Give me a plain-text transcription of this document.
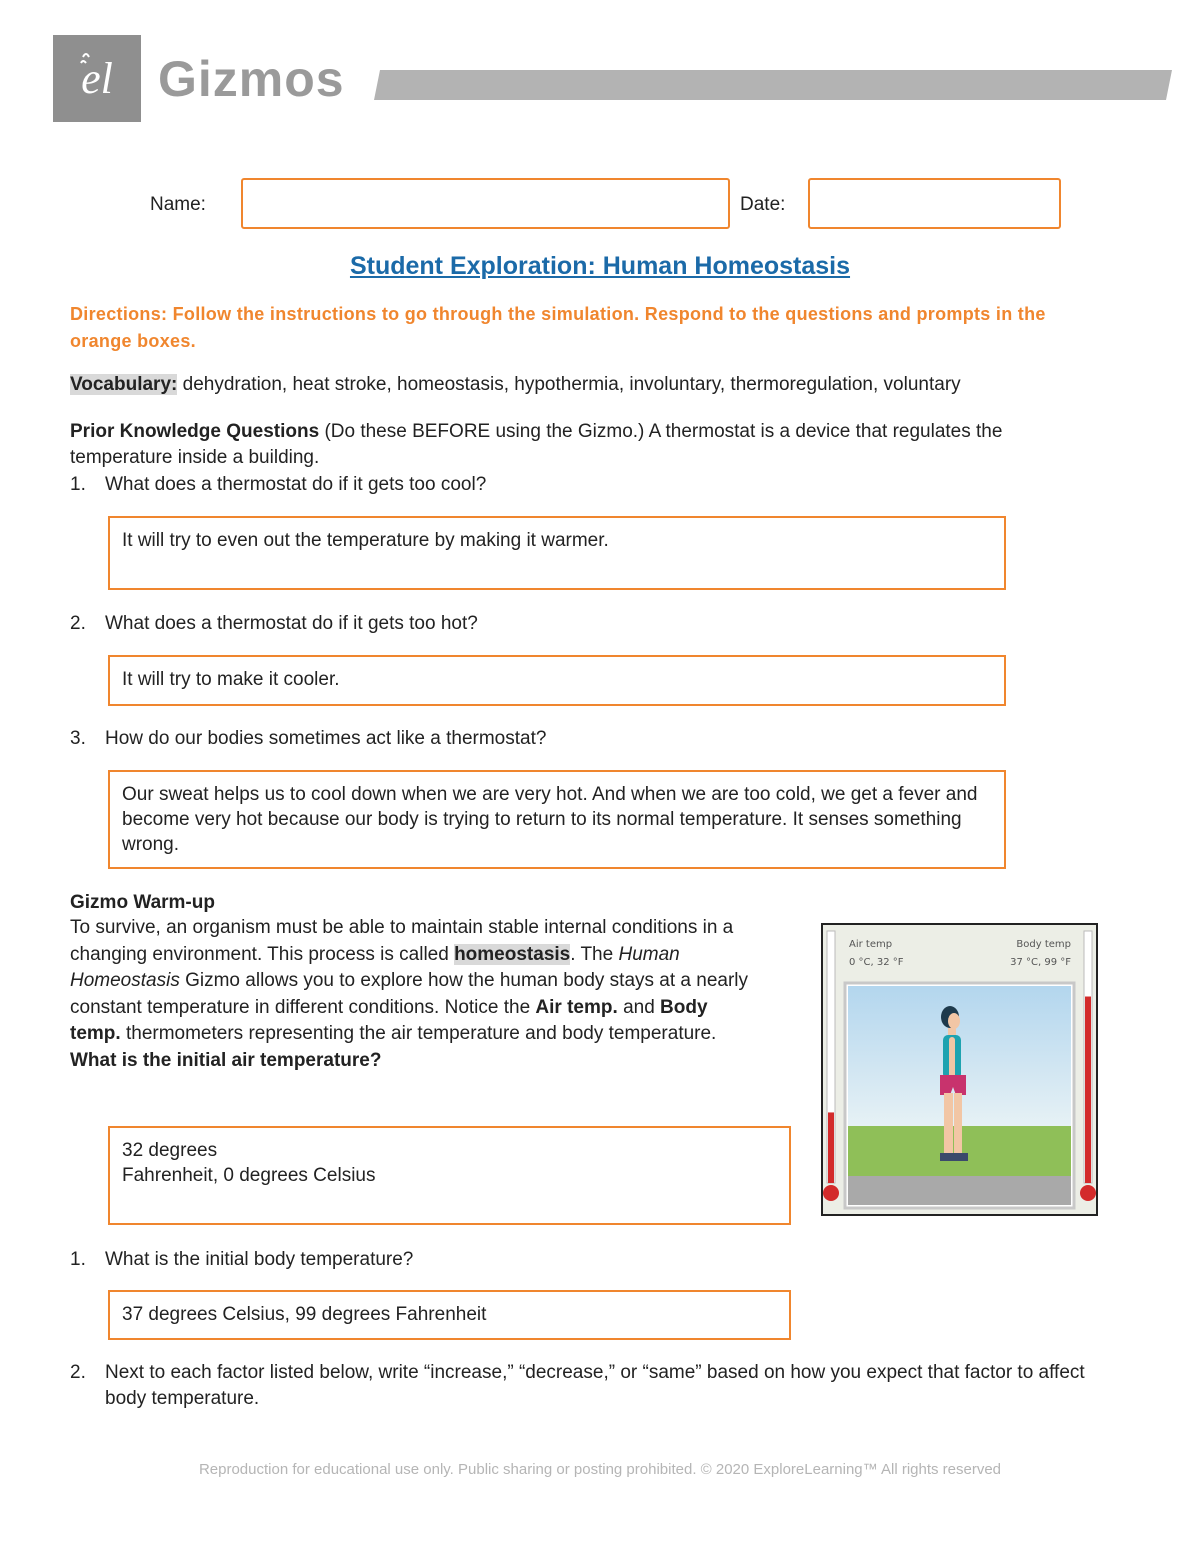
el Gizmos
Name:	Date:
Student Exploration: Human Homeostasis
Directions: Follow the instructions to go through the simulation. Respond to the questions and prompts in the orange boxes.
Vocabulary: dehydration, heat stroke, homeostasis, hypothermia, involuntary, thermoregulation, voluntary
Prior Knowledge Questions (Do these BEFORE using the Gizmo.) A thermostat is a device that regulates the temperature inside a building.
1. What does a thermostat do if it gets too cool?
It will try to even out the temperature by making it warmer.
2. What does a thermostat do if it gets too hot?
It will try to make it cooler.
3. How do our bodies sometimes act like a thermostat?
Our sweat helps us to cool down when we are very hot. And when we are too cold, we get a fever and become very hot because our body is trying to return to its normal temperature. It senses something wrong.
Gizmo Warm-up
To survive, an organism must be able to maintain stable internal conditions in a changing environment. This process is called homeostasis. The Human Homeostasis Gizmo allows you to explore how the human body stays at a nearly constant temperature in different conditions. Notice the Air temp. and Body temp. thermometers representing the air temperature and body temperature.
What is the initial air temperature?
32 degrees
Fahrenheit, 0 degrees Celsius
1. What is the initial body temperature?
37 degrees Celsius, 99 degrees Fahrenheit
2.	Next to each factor listed below, write “increase,” “decrease,” or “same” based on how you expect that factor to affect body temperature.
Air temp
0 °C, 32 °F
Body temp
37 °C, 99 °F
Reproduction for educational use only. Public sharing or posting prohibited. © 2020 ExploreLearning™ All rights reserved
